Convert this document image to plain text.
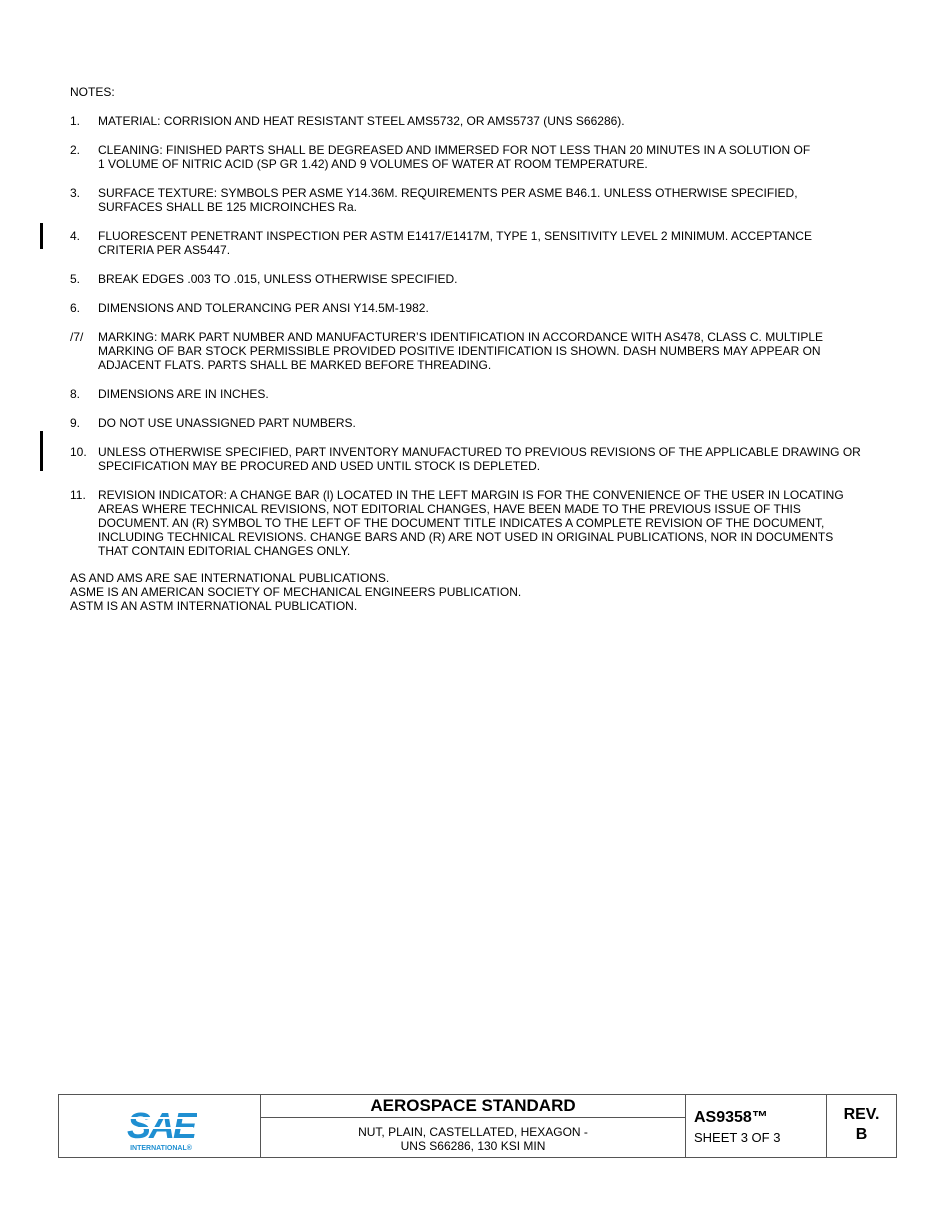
NOTES:
1.	MATERIAL: CORRISION AND HEAT RESISTANT STEEL AMS5732, OR AMS5737 (UNS S66286).
2.	CLEANING: FINISHED PARTS SHALL BE DEGREASED AND IMMERSED FOR NOT LESS THAN 20 MINUTES IN A SOLUTION OF
1 VOLUME OF NITRIC ACID (SP GR 1.42) AND 9 VOLUMES OF WATER AT ROOM TEMPERATURE.
3.	SURFACE TEXTURE: SYMBOLS PER ASME Y14.36M. REQUIREMENTS PER ASME B46.1. UNLESS OTHERWISE SPECIFIED,
SURFACES SHALL BE 125 MICROINCHES Ra.
4.	FLUORESCENT PENETRANT INSPECTION PER ASTM E1417/E1417M, TYPE 1, SENSITIVITY LEVEL 2 MINIMUM. ACCEPTANCE
CRITERIA PER AS5447.
5.	BREAK EDGES .003 TO .015, UNLESS OTHERWISE SPECIFIED.
6.	DIMENSIONS AND TOLERANCING PER ANSI Y14.5M-1982.
/7/	MARKING: MARK PART NUMBER AND MANUFACTURER’S IDENTIFICATION IN ACCORDANCE WITH AS478, CLASS C. MULTIPLE
MARKING OF BAR STOCK PERMISSIBLE PROVIDED POSITIVE IDENTIFICATION IS SHOWN. DASH NUMBERS MAY APPEAR ON
ADJACENT FLATS. PARTS SHALL BE MARKED BEFORE THREADING.
8.	DIMENSIONS ARE IN INCHES.
9.	DO NOT USE UNASSIGNED PART NUMBERS.
10. UNLESS OTHERWISE SPECIFIED, PART INVENTORY MANUFACTURED TO PREVIOUS REVISIONS OF THE APPLICABLE DRAWING OR
SPECIFICATION MAY BE PROCURED AND USED UNTIL STOCK IS DEPLETED.
11.	REVISION INDICATOR: A CHANGE BAR (l) LOCATED IN THE LEFT MARGIN IS FOR THE CONVENIENCE OF THE USER IN LOCATING
AREAS WHERE TECHNICAL REVISIONS, NOT EDITORIAL CHANGES, HAVE BEEN MADE TO THE PREVIOUS ISSUE OF THIS
DOCUMENT. AN (R) SYMBOL TO THE LEFT OF THE DOCUMENT TITLE INDICATES A COMPLETE REVISION OF THE DOCUMENT,
INCLUDING TECHNICAL REVISIONS. CHANGE BARS AND (R) ARE NOT USED IN ORIGINAL PUBLICATIONS, NOR IN DOCUMENTS
THAT CONTAIN EDITORIAL CHANGES ONLY.
AS AND AMS ARE SAE INTERNATIONAL PUBLICATIONS.
ASME IS AN AMERICAN SOCIETY OF MECHANICAL ENGINEERS PUBLICATION.
ASTM IS AN ASTM INTERNATIONAL PUBLICATION.
SAE
INTERNATIONAL®
AEROSPACE STANDARD
NUT, PLAIN, CASTELLATED, HEXAGON -
UNS S66286, 130 KSI MIN
AS9358™
SHEET 3 OF 3
REV.
B
